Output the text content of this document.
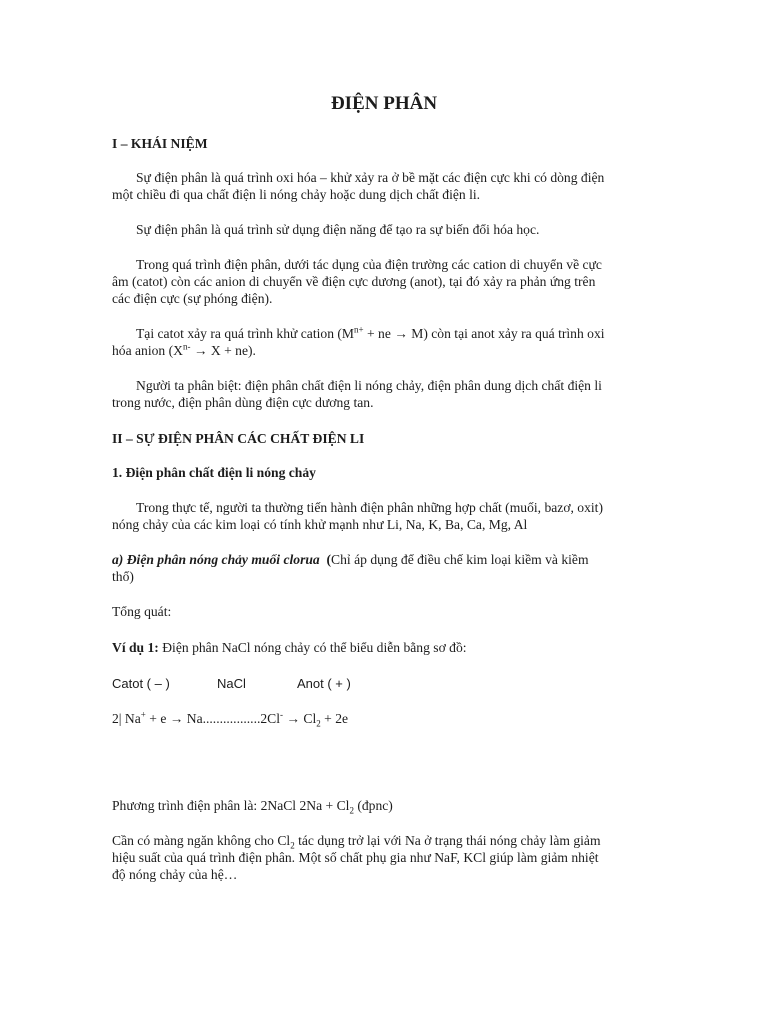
ĐIỆN PHÂN
I – KHÁI NIỆM
Sự điện phân là quá trình oxi hóa – khử xảy ra ở bề mặt các điện cực khi có dòng điện
một chiều đi qua chất điện li nóng chảy hoặc dung dịch chất điện li.
Sự điện phân là quá trình sử dụng điện năng để tạo ra sự biến đổi hóa học.
Trong quá trình điện phân, dưới tác dụng của điện trường các cation di chuyển về cực
âm (catot) còn các anion di chuyển về điện cực dương (anot), tại đó xảy ra phản ứng trên
các điện cực (sự phóng điện).
Tại catot xảy ra quá trình khử cation ($M^{n+}$ + ne → M) còn tại anot xảy ra quá trình oxi
hóa anion $(X^{n-} \to X + ne)$.
Người ta phân biệt: điện phân chất điện li nóng chảy, điện phân dung dịch chất điện li
trong nước, điện phân dùng điện cực dương tan.
II – SỰ ĐIỆN PHÂN CÁC CHẤT ĐIỆN LI
1. Điện phân chất điện li nóng chảy
Trong thực tế, người ta thường tiến hành điện phân những hợp chất (muối, bazơ, oxit)
nóng chảy của các kim loại có tính khử mạnh như Li, Na, K, Ba, Ca, Mg, Al
a) Điện phân nóng chảy muối clorua (Chỉ áp dụng để điều chế kim loại kiềm và kiềm
thổ)
Tổng quát:
Ví dụ 1: Điện phân NaCl nóng chảy có thể biểu diễn bằng sơ đồ:
Catot ( – )	NaCl	Anot ( + )
2| $Na^+ + e \to Na.................2Cl^- \to Cl_2 + 2e$
Phương trình điện phân là: 2NaCl $2Na + Cl_2$ (đpnc)
Cần có màng ngăn không cho $Cl_2$ tác dụng trở lại với Na ở trạng thái nóng chảy làm giảm
hiệu suất của quá trình điện phân. Một số chất phụ gia như NaF, KCl giúp làm giảm nhiệt
độ nóng chảy của hệ…
